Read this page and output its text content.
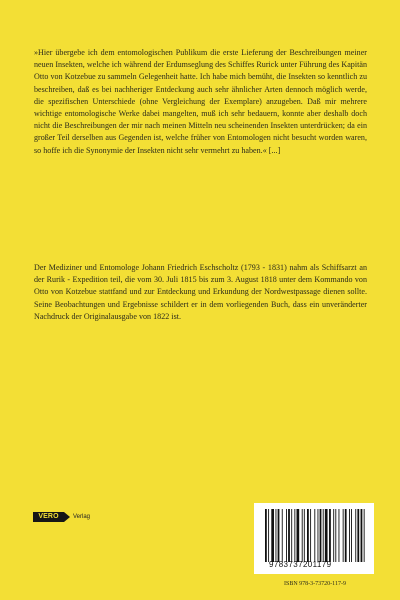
»Hier übergebe ich dem entomologischen Publikum die erste Lieferung der Beschreibungen meiner neuen Insekten, welche ich während der Erdumseglung des Schiffes Rurick unter Führung des Kapitän Otto von Kotzebue zu sammeln Gelegenheit hatte. Ich habe mich bemüht, die Insekten so kenntlich zu beschreiben, daß es bei nachheriger Entdeckung auch sehr ähnlicher Arten dennoch möglich werde, die spezifischen Unterschiede (ohne Vergleichung der Exemplare) anzugeben. Daß mir mehrere wichtige entomologische Werke dabei mangelten, muß ich sehr bedauern, konnte aber deshalb doch nicht die Beschreibungen der mir nach meinen Mitteln neu scheinenden Insekten unterdrücken; da ein großer Teil derselben aus Gegenden ist, welche früher von Entomologen nicht besucht worden waren, so hoffe ich die Synonymie der Insekten nicht sehr vermehrt zu haben.« [...]

Der Mediziner und Entomologe Johann Friedrich Eschscholtz (1793 - 1831) nahm als Schiffsarzt an der Rurik - Expedition teil, die vom 30. Juli 1815 bis zum 3. August 1818 unter dem Kommando von Otto von Kotzebue stattfand und zur Entdeckung und Erkundung der Nordwestpassage dienen sollte. Seine Beobachtungen und Ergebnisse schildert er in dem vorliegenden Buch, dass ein unveränderter Nachdruck der Originalausgabe von 1822 ist.

VERO	Verlag
9783737201179
ISBN 978-3-73720-117-9
